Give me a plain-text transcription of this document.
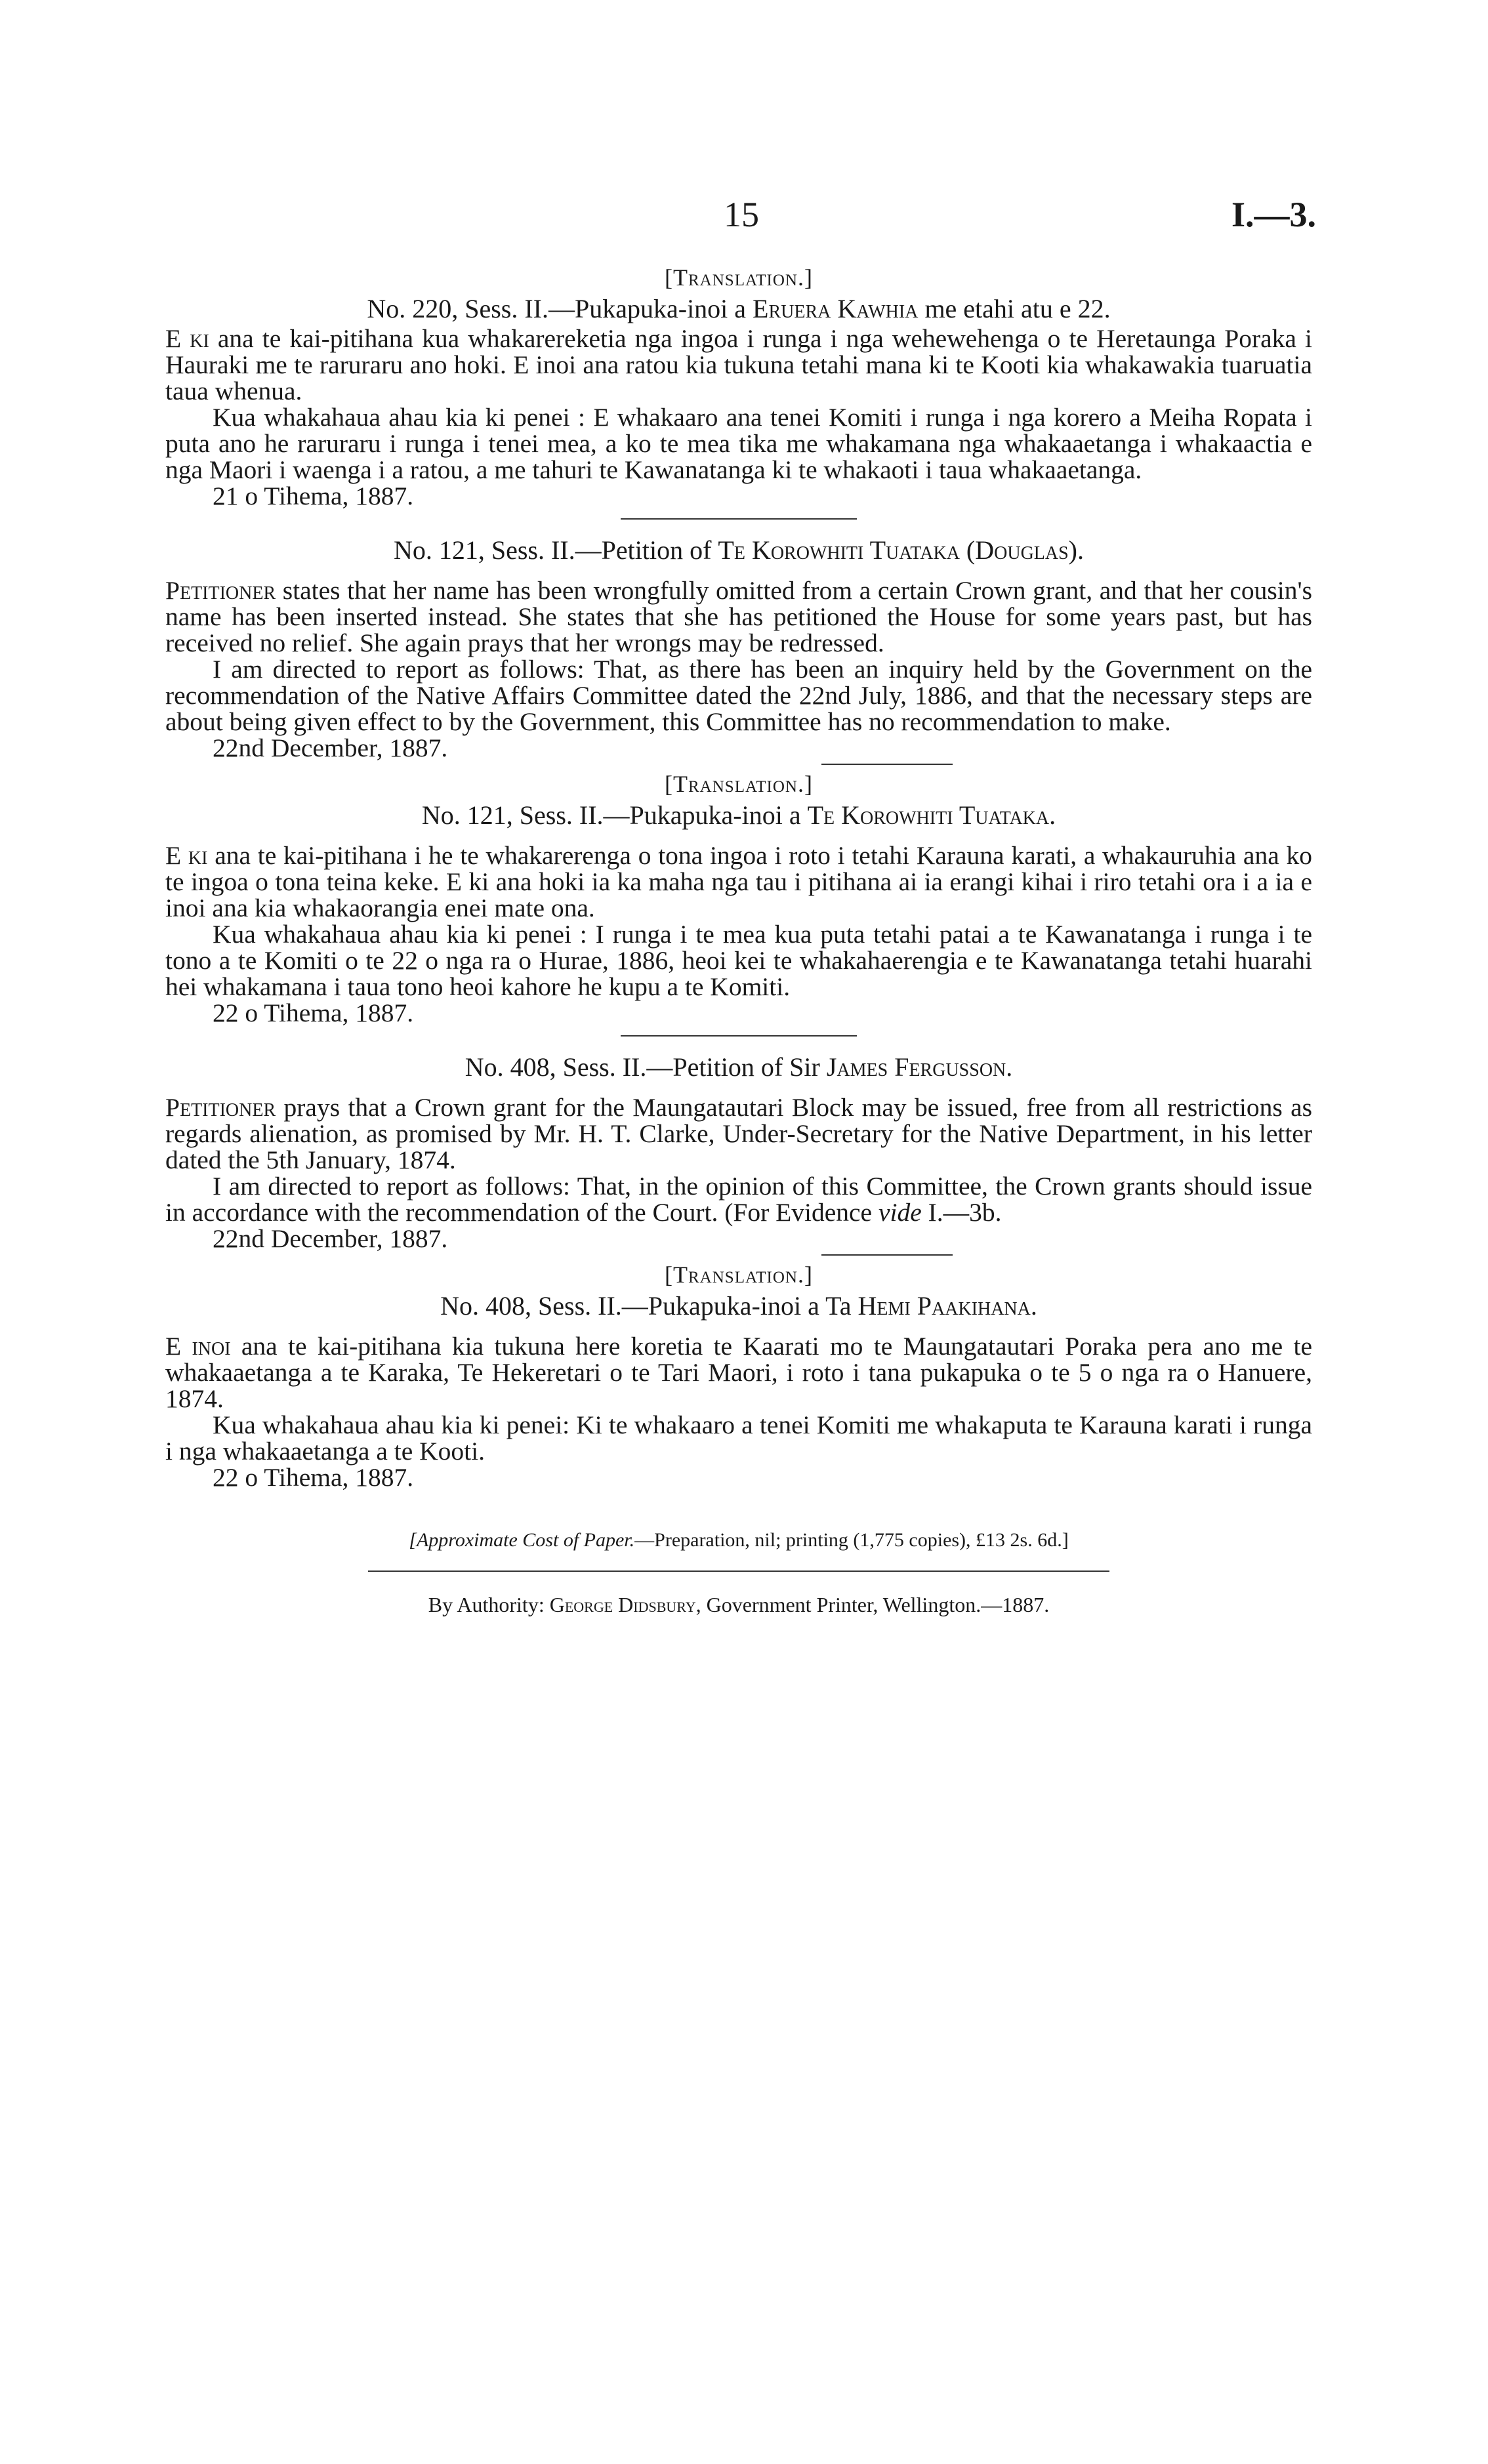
15	I.—3.
[Translation.]
No. 220, Sess. II.—Pukapuka-inoi a Eruera Kawhia me etahi atu e 22.

E ki ana te kai-pitihana kua whakarereketia nga ingoa i runga i nga wehewehenga o te Heretaunga Poraka i Hauraki me te raruraru ano hoki. E inoi ana ratou kia tukuna tetahi mana ki te Kooti kia whakawakia tuaruatia taua whenua.

Kua whakahaua ahau kia ki penei : E whakaaro ana tenei Komiti i runga i nga korero a Meiha Ropata i puta ano he raruraru i runga i tenei mea, a ko te mea tika me whakamana nga whakaaetanga i whakaactia e nga Maori i waenga i a ratou, a me tahuri te Kawanatanga ki te whakaoti i taua whakaaetanga.

21 o Tihema, 1887.

No. 121, Sess. II.—Petition of Te Korowhiti Tuataka (Douglas).

Petitioner states that her name has been wrongfully omitted from a certain Crown grant, and that her cousin's name has been inserted instead. She states that she has petitioned the House for some years past, but has received no relief. She again prays that her wrongs may be redressed.

I am directed to report as follows: That, as there has been an inquiry held by the Government on the recommendation of the Native Affairs Committee dated the 22nd July, 1886, and that the necessary steps are about being given effect to by the Government, this Committee has no recommendation to make.

22nd December, 1887.

[Translation.]
No. 121, Sess. II.—Pukapuka-inoi a Te Korowhiti Tuataka.

E ki ana te kai-pitihana i he te whakarerenga o tona ingoa i roto i tetahi Karauna karati, a whakauruhia ana ko te ingoa o tona teina keke. E ki ana hoki ia ka maha nga tau i pitihana ai ia erangi kihai i riro tetahi ora i a ia e inoi ana kia whakaorangia enei mate ona.

Kua whakahaua ahau kia ki penei : I runga i te mea kua puta tetahi patai a te Kawanatanga i runga i te tono a te Komiti o te 22 o nga ra o Hurae, 1886, heoi kei te whakahaerengia e te Kawanatanga tetahi huarahi hei whakamana i taua tono heoi kahore he kupu a te Komiti.

22 o Tihema, 1887.

No. 408, Sess. II.—Petition of Sir James Fergusson.

Petitioner prays that a Crown grant for the Maungatautari Block may be issued, free from all restrictions as regards alienation, as promised by Mr. H. T. Clarke, Under-Secretary for the Native Department, in his letter dated the 5th January, 1874.

I am directed to report as follows: That, in the opinion of this Committee, the Crown grants should issue in accordance with the recommendation of the Court. (For Evidence vide I.—3b.

22nd December, 1887.

[Translation.]
No. 408, Sess. II.—Pukapuka-inoi a Ta Hemi Paakihana.

E inoi ana te kai-pitihana kia tukuna here koretia te Kaarati mo te Maungatautari Poraka pera ano me te whakaaetanga a te Karaka, Te Hekeretari o te Tari Maori, i roto i tana pukapuka o te 5 o nga ra o Hanuere, 1874.

Kua whakahaua ahau kia ki penei: Ki te whakaaro a tenei Komiti me whakaputa te Karauna karati i runga i nga whakaaetanga a te Kooti.

22 o Tihema, 1887.

[Approximate Cost of Paper.—Preparation, nil; printing (1,775 copies), £13 2s. 6d.]
By Authority: George Didsbury, Government Printer, Wellington.—1887.
